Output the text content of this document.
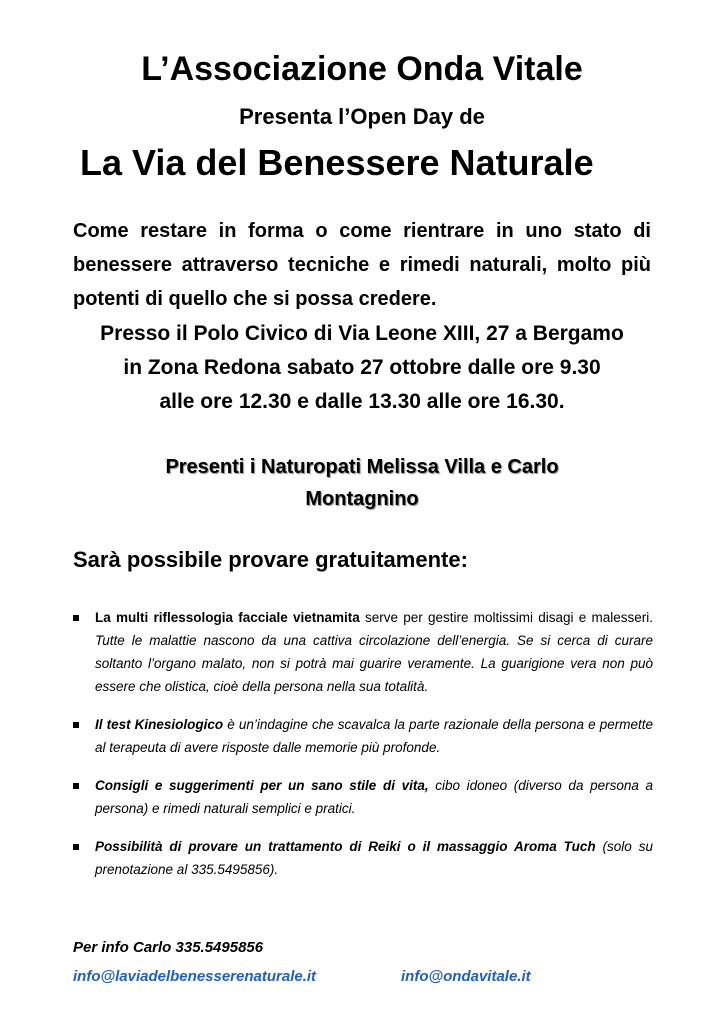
L’Associazione Onda Vitale
Presenta l’Open Day de
La Via del Benessere Naturale

Come restare in forma o come rientrare in uno stato di benessere attraverso tecniche e rimedi naturali, molto più potenti di quello che si possa credere.

Presso il Polo Civico di Via Leone XIII, 27 a Bergamo
in Zona Redona sabato 27 ottobre dalle ore 9.30
alle ore 12.30 e dalle 13.30 alle ore 16.30.
Presenti i Naturopati Melissa Villa e Carlo
Montagnino
Sarà possibile provare gratuitamente:
La multi riflessologia facciale vietnamita serve per gestire moltissimi disagi e malesseri. Tutte le malattie nascono da una cattiva circolazione dell’energia. Se si cerca di curare soltanto l’organo malato, non si potrà mai guarire veramente. La guarigione vera non può essere che olistica, cioè della persona nella sua totalità.
Il test Kinesiologico è un’indagine che scavalca la parte razionale della persona e permette al terapeuta di avere risposte dalle memorie più profonde.
Consigli e suggerimenti per un sano stile di vita, cibo idoneo (diverso da persona a persona) e rimedi naturali semplici e pratici.
Possibilità di provare un trattamento di Reiki o il massaggio Aroma Tuch (solo su prenotazione al 335.5495856).

Per info Carlo 335.5495856

info@laviadelbenesserenaturale.it	info@ondavitale.it
